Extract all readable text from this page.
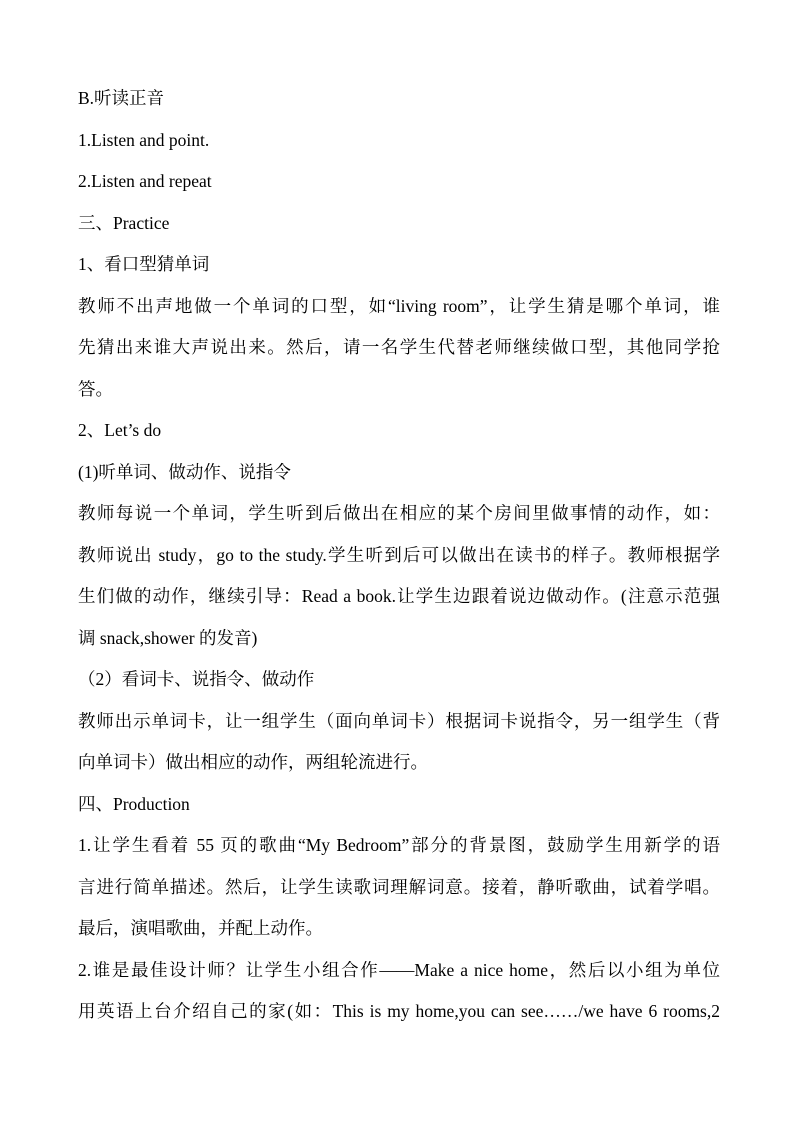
B.听读正音
1.Listen and point.
2.Listen and repeat
三、Practice
1、看口型猜单词
教师不出声地做一个单词的口型，如“living room”，让学生猜是哪个单词，谁
先猜出来谁大声说出来。然后，请一名学生代替老师继续做口型，其他同学抢
答。
2、Let’s do
(1)听单词、做动作、说指令
教师每说一个单词，学生听到后做出在相应的某个房间里做事情的动作，如：
教师说出 study，go to the study.学生听到后可以做出在读书的样子。教师根据学
生们做的动作，继续引导：Read a book.让学生边跟着说边做动作。(注意示范强
调 snack,shower 的发音)
（2）看词卡、说指令、做动作
教师出示单词卡，让一组学生（面向单词卡）根据词卡说指令，另一组学生（背
向单词卡）做出相应的动作，两组轮流进行。
四、Production
1.让学生看着 55 页的歌曲“My Bedroom”部分的背景图，鼓励学生用新学的语
言进行简单描述。然后，让学生读歌词理解词意。接着，静听歌曲，试着学唱。
最后，演唱歌曲，并配上动作。
2.谁是最佳设计师？让学生小组合作——Make a nice home，然后以小组为单位
用英语上台介绍自己的家(如：This is my home,you can see……/we have 6 rooms,2
